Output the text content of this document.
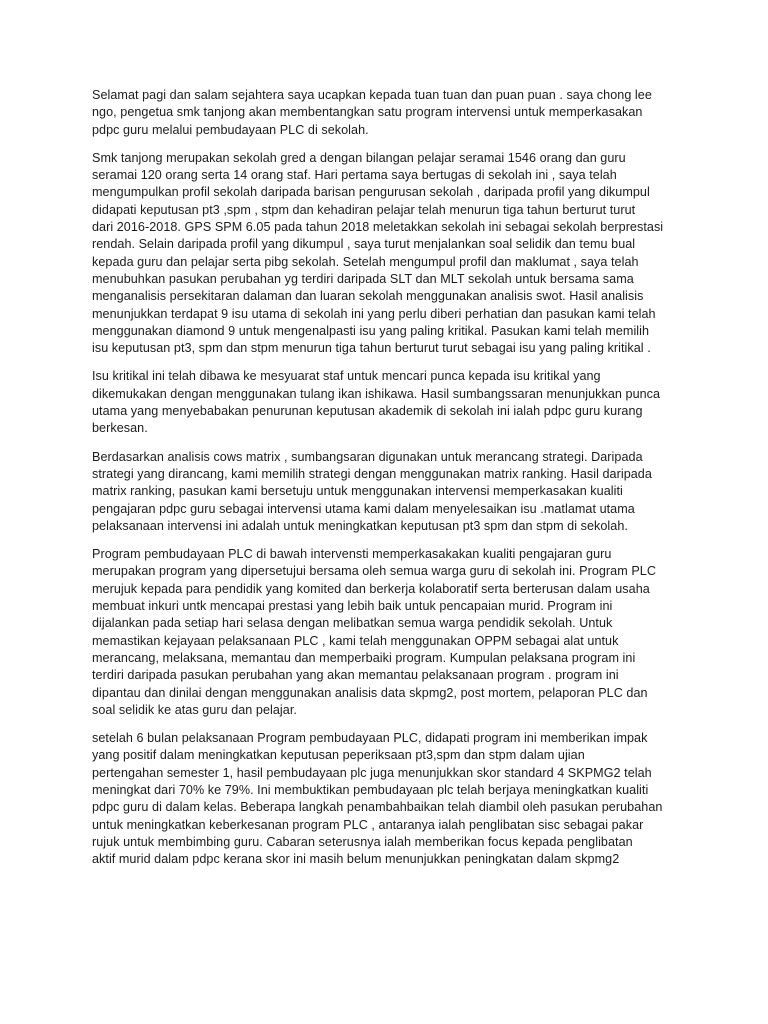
Selamat pagi dan salam sejahtera saya ucapkan kepada tuan tuan dan puan puan . saya chong lee
ngo, pengetua smk tanjong akan membentangkan satu program intervensi untuk memperkasakan
pdpc guru melalui pembudayaan PLC di sekolah.

Smk tanjong merupakan sekolah gred a dengan bilangan pelajar seramai 1546 orang dan guru
seramai 120 orang serta 14 orang staf. Hari pertama saya bertugas di sekolah ini , saya telah
mengumpulkan profil sekolah daripada barisan pengurusan sekolah , daripada profil yang dikumpul
didapati keputusan pt3 ,spm , stpm dan kehadiran pelajar telah menurun tiga tahun berturut turut
dari 2016-2018. GPS SPM 6.05 pada tahun 2018 meletakkan sekolah ini sebagai sekolah berprestasi
rendah. Selain daripada profil yang dikumpul , saya turut menjalankan soal selidik dan temu bual
kepada guru dan pelajar serta pibg sekolah. Setelah mengumpul profil dan maklumat , saya telah
menubuhkan pasukan perubahan yg terdiri daripada SLT dan MLT sekolah untuk bersama sama
menganalisis persekitaran dalaman dan luaran sekolah menggunakan analisis swot. Hasil analisis
menunjukkan terdapat 9 isu utama di sekolah ini yang perlu diberi perhatian dan pasukan kami telah
menggunakan diamond 9 untuk mengenalpasti isu yang paling kritikal. Pasukan kami telah memilih
isu keputusan pt3, spm dan stpm menurun tiga tahun berturut turut sebagai isu yang paling kritikal .

Isu kritikal ini telah dibawa ke mesyuarat staf untuk mencari punca kepada isu kritikal yang
dikemukakan dengan menggunakan tulang ikan ishikawa. Hasil sumbangssaran menunjukkan punca
utama yang menyebabakan penurunan keputusan akademik di sekolah ini ialah pdpc guru kurang
berkesan.

Berdasarkan analisis cows matrix , sumbangsaran digunakan untuk merancang strategi. Daripada
strategi yang dirancang, kami memilih strategi dengan menggunakan matrix ranking. Hasil daripada
matrix ranking, pasukan kami bersetuju untuk menggunakan intervensi memperkasakan kualiti
pengajaran pdpc guru sebagai intervensi utama kami dalam menyelesaikan isu .matlamat utama
pelaksanaan intervensi ini adalah untuk meningkatkan keputusan pt3 spm dan stpm di sekolah.

Program pembudayaan PLC di bawah intervensti memperkasakakan kualiti pengajaran guru
merupakan program yang dipersetujui bersama oleh semua warga guru di sekolah ini. Program PLC
merujuk kepada para pendidik yang komited dan berkerja kolaboratif serta berterusan dalam usaha
membuat inkuri untk mencapai prestasi yang lebih baik untuk pencapaian murid. Program ini
dijalankan pada setiap hari selasa dengan melibatkan semua warga pendidik sekolah. Untuk
memastikan kejayaan pelaksanaan PLC , kami telah menggunakan OPPM sebagai alat untuk
merancang, melaksana, memantau dan memperbaiki program. Kumpulan pelaksana program ini
terdiri daripada pasukan perubahan yang akan memantau pelaksanaan program . program ini
dipantau dan dinilai dengan menggunakan analisis data skpmg2, post mortem, pelaporan PLC dan
soal selidik ke atas guru dan pelajar.

setelah 6 bulan pelaksanaan Program pembudayaan PLC, didapati program ini memberikan impak
yang positif dalam meningkatkan keputusan peperiksaan pt3,spm dan stpm dalam ujian
pertengahan semester 1, hasil pembudayaan plc juga menunjukkan skor standard 4 SKPMG2 telah
meningkat dari 70% ke 79%. Ini membuktikan pembudayaan plc telah berjaya meningkatkan kualiti
pdpc guru di dalam kelas. Beberapa langkah penambahbaikan telah diambil oleh pasukan perubahan
untuk meningkatkan keberkesanan program PLC , antaranya ialah penglibatan sisc sebagai pakar
rujuk untuk membimbing guru. Cabaran seterusnya ialah memberikan focus kepada penglibatan
aktif murid dalam pdpc kerana skor ini masih belum menunjukkan peningkatan dalam skpmg2
